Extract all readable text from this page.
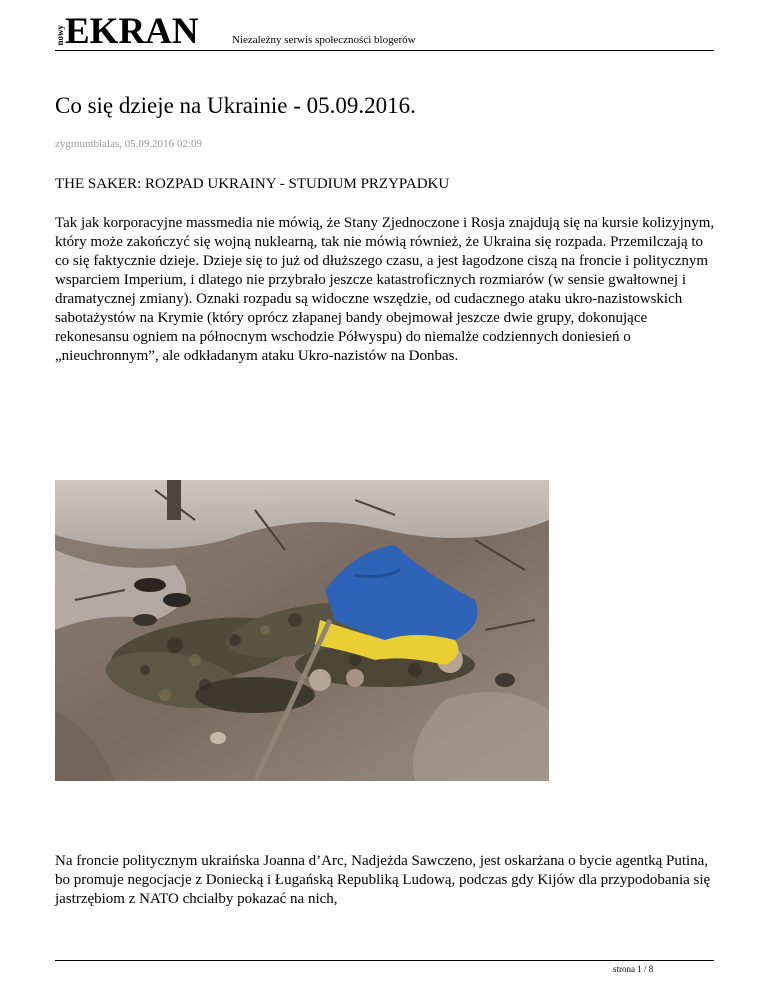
nowy EKRAN	Niezależny serwis społeczności blogerów
Co się dzieje na Ukrainie - 05.09.2016.
zygmuntbialas, 05.09.2016 02:09
THE SAKER: ROZPAD UKRAINY - STUDIUM PRZYPADKU

Tak jak korporacyjne massmedia nie mówią, że Stany Zjednoczone i Rosja znajdują się na kursie kolizyjnym, który może zakończyć się wojną nuklearną, tak nie mówią również, że Ukraina się rozpada. Przemilczają to co się faktycznie dzieje. Dzieje się to już od dłuższego czasu, a jest łagodzone ciszą na froncie i politycznym wsparciem Imperium, i dlatego nie przybrało jeszcze katastroficznych rozmiarów (w sensie gwałtownej i dramatycznej zmiany). Oznaki rozpadu są widoczne wszędzie, od cudacznego ataku ukro-nazistowskich sabotażystów na Krymie (który oprócz złapanej bandy obejmował jeszcze dwie grupy, dokonujące rekonesansu ogniem na północnym wschodzie Półwyspu) do niemalże codziennych doniesień o „nieuchronnym”, ale odkładanym ataku Ukro-nazistów na Donbas.

Na froncie politycznym ukraińska Joanna d’Arc, Nadjeżda Sawczeno, jest oskarżana o bycie agentką Putina, bo promuje negocjacje z Doniecką i Ługańską Republiką Ludową, podczas gdy Kijów dla przypodobania się jastrzębiom z NATO chciałby pokazać na nich,

strona 1 / 8
